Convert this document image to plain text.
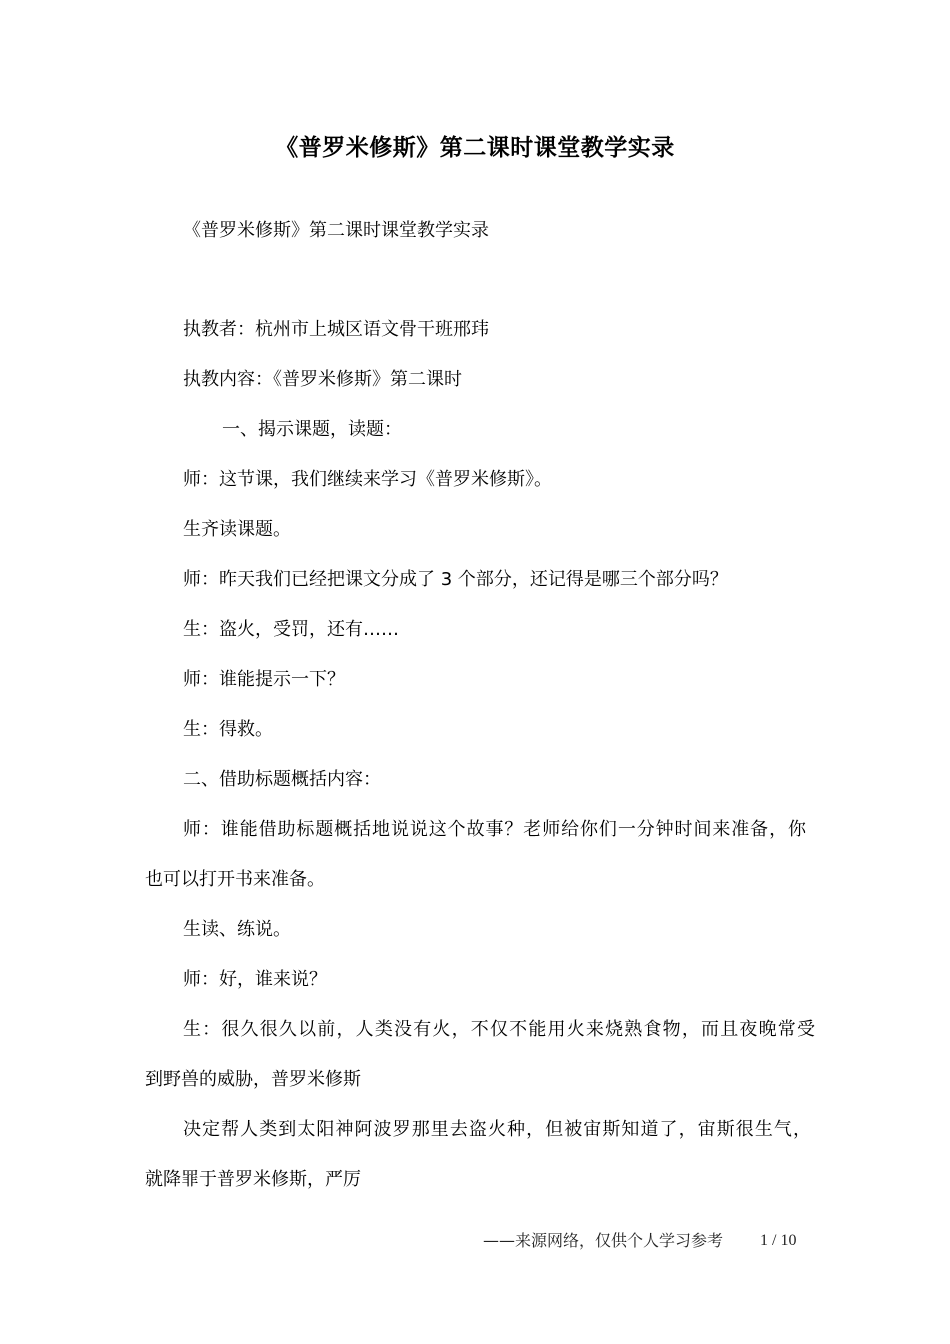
《普罗米修斯》第二课时课堂教学实录
《普罗米修斯》第二课时课堂教学实录
执教者：杭州市上城区语文骨干班邢玮
执教内容：《普罗米修斯》第二课时
一、揭示课题，读题：
师：这节课，我们继续来学习《普罗米修斯》。
生齐读课题。
师：昨天我们已经把课文分成了 3 个部分，还记得是哪三个部分吗？
生：盗火，受罚，还有……
师：谁能提示一下？
生：得救。
二、借助标题概括内容：
师：谁能借助标题概括地说说这个故事？老师给你们一分钟时间来准备，你
也可以打开书来准备。
生读、练说。
师：好，谁来说？
生：很久很久以前，人类没有火，不仅不能用火来烧熟食物，而且夜晚常受
到野兽的威胁，普罗米修斯
决定帮人类到太阳神阿波罗那里去盗火种，但被宙斯知道了，宙斯很生气，
就降罪于普罗米修斯，严厉
——来源网络，仅供个人学习参考 1 / 10
